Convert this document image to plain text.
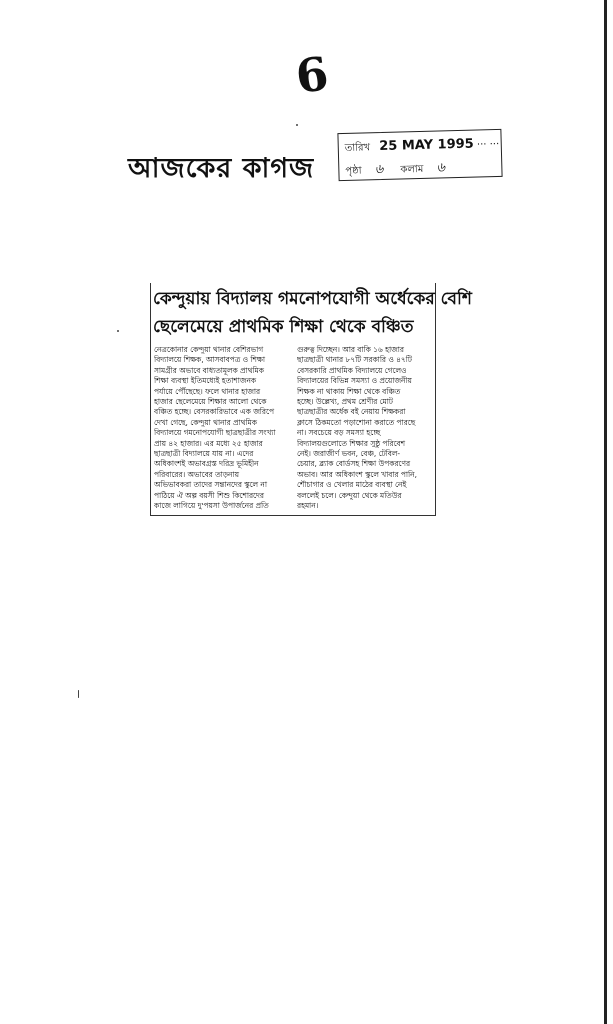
6
আজকের কাগজ
তারিখ 25 MAY 1995 ··· ···
পৃষ্ঠা ৬ কলাম ৬
কেন্দুয়ায় বিদ্যালয় গমনোপযোগী অর্ধেকের বেশি
ছেলেমেয়ে প্রাথমিক শিক্ষা থেকে বঞ্চিত
নেত্রকোনার কেন্দুয়া থানার বেশিরভাগ
বিদ্যালয়ে শিক্ষক, আসবাবপত্র ও শিক্ষা
সামগ্রীর অভাবে বাধ্যতামূলক প্রাথমিক
শিক্ষা ব্যবস্থা ইতিমধ্যেই হতাশাজনক
পর্যায়ে পৌঁছেছে। ফলে থানার হাজার
হাজার ছেলেমেয়ে শিক্ষার আলো থেকে
বঞ্চিত হচ্ছে। বেসরকারিভাবে এক জরিপে
দেখা গেছে, কেন্দুয়া থানার প্রাথমিক
বিদ্যালয়ে গমনোপযোগী ছাত্রছাত্রীর সংখ্যা
প্রায় ৪২ হাজার। এর মধ্যে ২৫ হাজার
ছাত্রছাত্রী বিদ্যালয়ে যায় না। এদের
অধিকাংশই অভাবগ্রস্ত দরিদ্র ভূমিহীন
পরিবারের। অভাবের তাড়নায়
অভিভাবকরা তাদের সন্তানদের স্কুলে না
পাঠিয়ে ঐ অল্প বয়সী শিশু কিশোরদের
কাজে লাগিয়ে দু'পয়সা উপার্জনের প্রতি
গুরুত্ব দিচ্ছেন। আর বাকি ১৬ হাজার
ছাত্রছাত্রী থানার ৮৭টি সরকারি ও ৪৭টি
বেসরকারি প্রাথমিক বিদ্যালয়ে গেলেও
বিদ্যালয়ের বিভিন্ন সমস্যা ও প্রয়োজনীয়
শিক্ষক না থাকায় শিক্ষা থেকে বঞ্চিত
হচ্ছে। উল্লেখ্য, প্রথম শ্রেণীর মোট
ছাত্রছাত্রীর অর্ধেক বই নেয়ায় শিক্ষকরা
ক্লাসে ঠিকমতো পড়াশোনা করাতে পারছে
না। সবচেয়ে বড় সমস্যা হচ্ছে
বিদ্যালয়গুলোতে শিক্ষার সুষ্ঠু পরিবেশ
নেই। জরাজীর্ণ ভবন, বেঞ্চ, টেবিল-
চেয়ার, ব্ল্যাক বোর্ডসহ শিক্ষা উপকরণের
অভাব। আর অধিকাংশ স্কুলে খাবার পানি,
শৌচাগার ও খেলার মাঠের ব্যবস্থা নেই
বললেই চলে। কেন্দুয়া থেকে মতিউর
রহমান।
